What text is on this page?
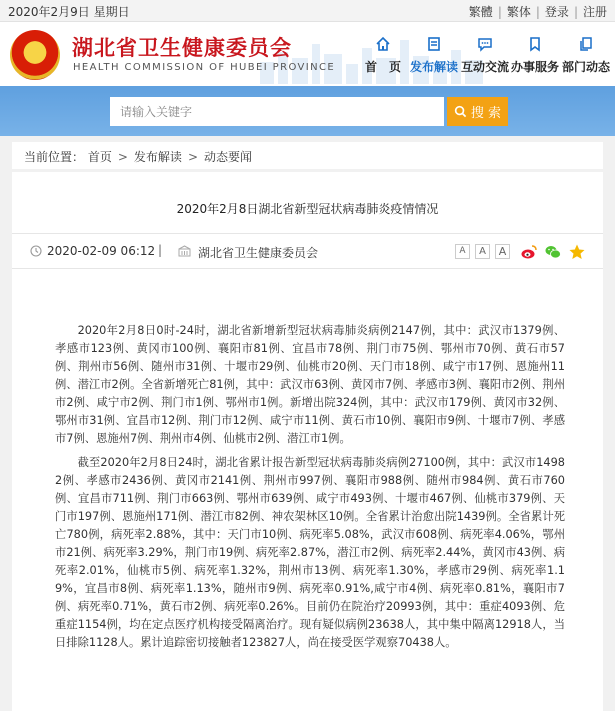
2020年2月9日 星期日	繁體 | 繁体 | 登录 | 注册
湖北省卫生健康委员会
HEALTH COMMISSION OF HUBEI PROVINCE 首　页 发布解读 互动交流 办事服务 部门动态
请输入关键字
搜 索
当前位置： 首页 > 发布解读 > 动态要闻
2020年2月8日湖北省新型冠状病毒肺炎疫情情况
2020-02-09 06:12 |	湖北省卫生健康委员会	A	A	A

2020年2月8日0时-24时，湖北省新增新型冠状病毒肺炎病例2147例，其中：武汉市1379例、孝感市123例、黄冈市100例、襄阳市81例、宜昌市78例、荆门市75例、鄂州市70例、黄石市57例、荆州市56例、随州市31例、十堰市29例、仙桃市20例、天门市18例、咸宁市17例、恩施州11例、潜江市2例。全省新增死亡81例，其中：武汉市63例、黄冈市7例、孝感市3例、襄阳市2例、荆州市2例、咸宁市2例、荆门市1例、鄂州市1例。新增出院324例，其中：武汉市179例、黄冈市32例、鄂州市31例、宜昌市12例、荆门市12例、咸宁市11例、黄石市10例、襄阳市9例、十堰市7例、孝感市7例、恩施州7例、荆州市4例、仙桃市2例、潜江市1例。

截至2020年2月8日24时，湖北省累计报告新型冠状病毒肺炎病例27100例，其中：武汉市14982例、孝感市2436例、黄冈市2141例、荆州市997例、襄阳市988例、随州市984例、黄石市760例、宜昌市711例、荆门市663例、鄂州市639例、咸宁市493例、十堰市467例、仙桃市379例、天门市197例、恩施州171例、潜江市82例、神农架林区10例。全省累计治愈出院1439例。全省累计死亡780例，病死率2.88%，其中：天门市10例、病死率5.08%，武汉市608例、病死率4.06%，鄂州市21例、病死率3.29%，荆门市19例、病死率2.87%，潜江市2例、病死率2.44%，黄冈市43例、病死率2.01%，仙桃市5例、病死率1.32%，荆州市13例、病死率1.30%，孝感市29例、病死率1.19%，宜昌市8例、病死率1.13%，随州市9例、病死率0.91%,咸宁市4例、病死率0.81%，襄阳市7例、病死率0.71%，黄石市2例、病死率0.26%。目前仍在院治疗20993例，其中：重症4093例、危重症1154例，均在定点医疗机构接受隔离治疗。现有疑似病例23638人，其中集中隔离12918人，当日排除1128人。累计追踪密切接触者123827人，尚在接受医学观察70438人。
